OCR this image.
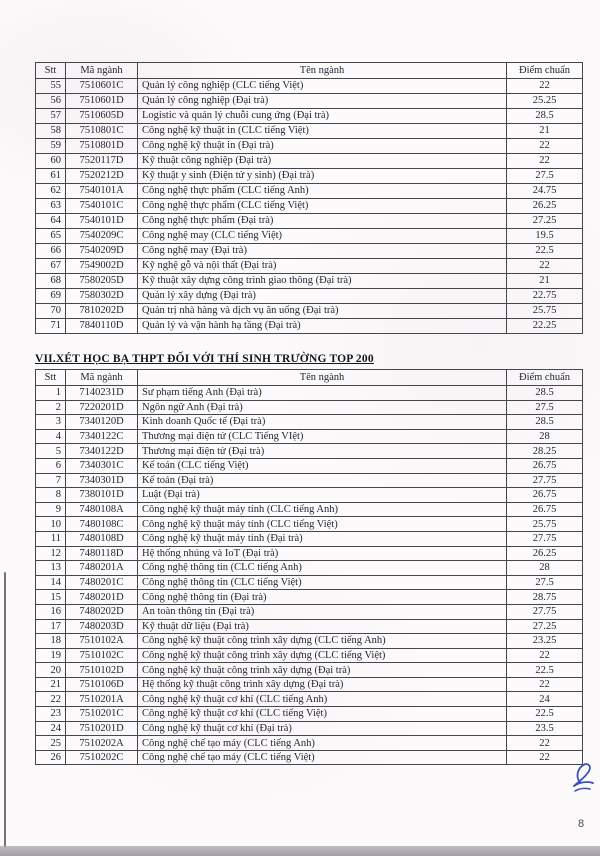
Stt	Mã ngành	Tên ngành	Điểm chuẩn
55	7510601C	Quản lý công nghiệp (CLC tiếng Việt)	22
56	7510601D	Quản lý công nghiệp (Đại trà)	25.25
57	7510605D	Logistic và quản lý chuỗi cung ứng (Đại trà)	28.5
58	7510801C	Công nghệ kỹ thuật in (CLC tiếng Việt)	21
59	7510801D	Công nghệ kỹ thuật in (Đại trà)	22
60	7520117D	Kỹ thuật công nghiệp (Đại trà)	22
61	7520212D	Kỹ thuật y sinh (Điện tử y sinh) (Đại trà)	27.5
62	7540101A	Công nghệ thực phẩm (CLC tiếng Anh)	24.75
63	7540101C	Công nghệ thực phẩm (CLC tiếng Việt)	26.25
64	7540101D	Công nghệ thực phẩm (Đại trà)	27.25
65	7540209C	Công nghệ may (CLC tiếng Việt)	19.5
66	7540209D	Công nghệ may (Đại trà)	22.5
67	7549002D	Kỹ nghệ gỗ và nội thất (Đại trà)	22
68	7580205D	Kỹ thuật xây dựng công trình giao thông (Đại trà)	21
69	7580302D	Quản lý xây dựng (Đại trà)	22.75
70	7810202D	Quản trị nhà hàng và dịch vụ ăn uống (Đại trà)	25.75
71	7840110D	Quản lý và vận hành hạ tầng (Đại trà)	22.25
VII.XÉT HỌC BẠ THPT ĐỐI VỚI THÍ SINH TRƯỜNG TOP 200
Stt	Mã ngành	Tên ngành	Điểm chuẩn
1	7140231D	Sư phạm tiếng Anh (Đại trà)	28.5
2	7220201D	Ngôn ngữ Anh (Đại trà)	27.5
3	7340120D	Kinh doanh Quốc tế (Đại trà)	28.5
4	7340122C	Thương mại điện tử (CLC Tiếng VIệt)	28
5	7340122D	Thương mại điện tử (Đại trà)	28.25
6	7340301C	Kế toán (CLC tiếng Việt)	26.75
7	7340301D	Kế toán (Đại trà)	27.75
8	7380101D	Luật (Đại trà)	26.75
9	7480108A	Công nghệ kỹ thuật máy tính (CLC tiếng Anh)	26.75
10	7480108C	Công nghệ kỹ thuật máy tính (CLC tiếng Việt)	25.75
11	7480108D	Công nghệ kỹ thuật máy tính (Đại trà)	27.75
12	7480118D	Hệ thống nhúng và IoT (Đại trà)	26.25
13	7480201A	Công nghệ thông tin (CLC tiếng Anh)	28
14	7480201C	Công nghệ thông tin (CLC tiếng Việt)	27.5
15	7480201D	Công nghệ thông tin (Đại trà)	28.75
16	7480202D	An toàn thông tin (Đại trà)	27.75
17	7480203D	Kỹ thuật dữ liệu (Đại trà)	27.25
18	7510102A	Công nghệ kỹ thuật công trình xây dựng (CLC tiếng Anh)	23.25
19	7510102C	Công nghệ kỹ thuật công trình xây dựng (CLC tiếng Việt)	22
20	7510102D	Công nghệ kỹ thuật công trình xây dựng (Đại trà)	22.5
21	7510106D	Hệ thống kỹ thuật công trình xây dựng (Đại trà)	22
22	7510201A	Công nghệ kỹ thuật cơ khí (CLC tiếng Anh)	24
23	7510201C	Công nghệ kỹ thuật cơ khí (CLC tiếng Việt)	22.5
24	7510201D	Công nghệ kỹ thuật cơ khí (Đại trà)	23.5
25	7510202A	Công nghệ chế tạo máy (CLC tiếng Anh)	22
26	7510202C	Công nghệ chế tạo máy (CLC tiếng Việt)	22
8
